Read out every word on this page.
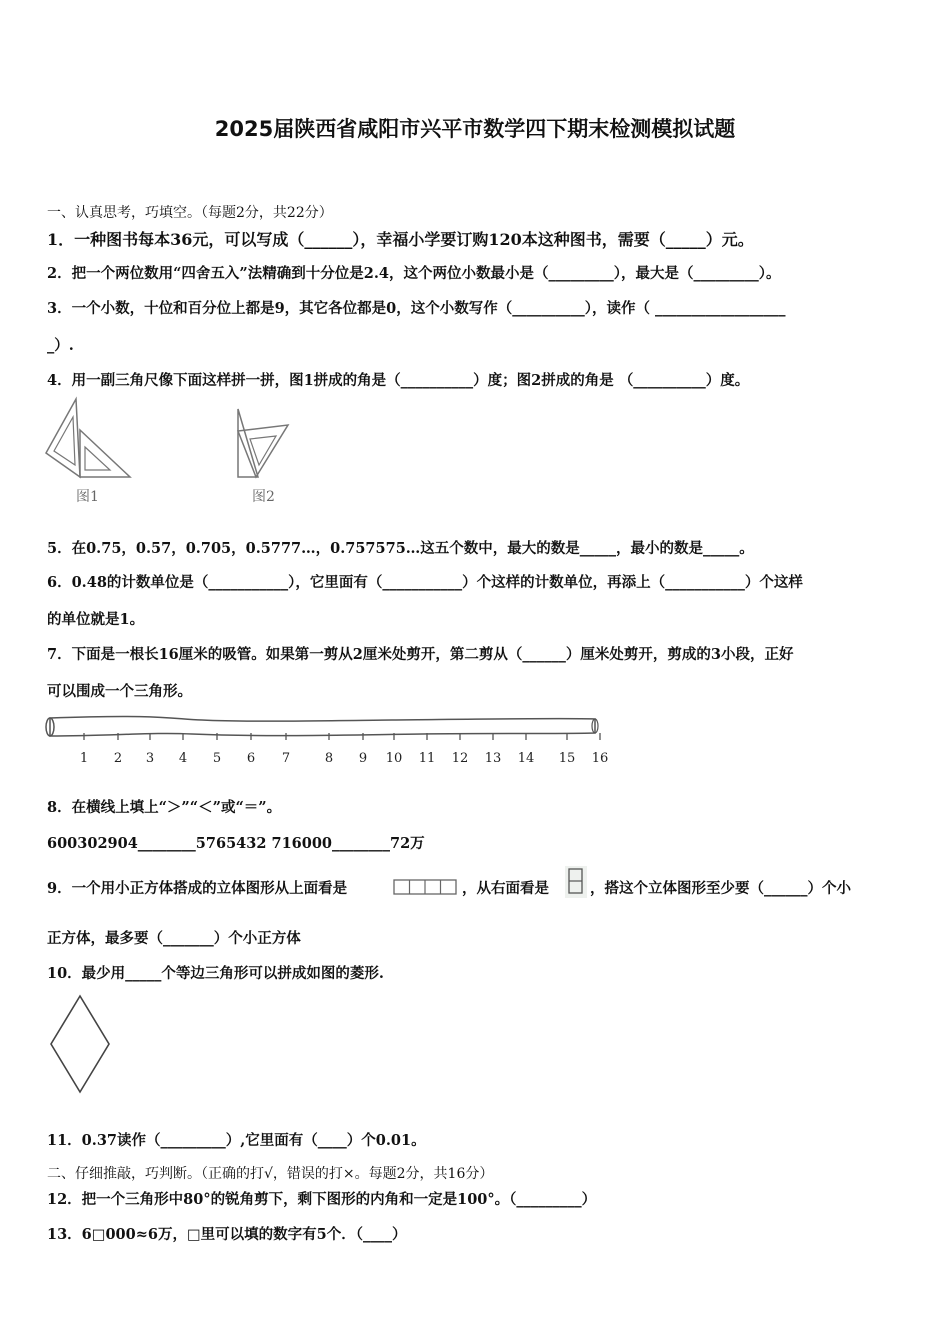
2025届陕西省咸阳市兴平市数学四下期末检测模拟试题
一、认真思考，巧填空。（每题2分，共22分）
1．一种图书每本36元，可以写成（______），幸福小学要订购120本这种图书，需要（_____）元。
2．把一个两位数用“四舍五入”法精确到十分位是2.4，这个两位小数最小是（_________），最大是（_________）。
3．一个小数，十位和百分位上都是9，其它各位都是0，这个小数写作（__________），读作（ __________________
_）.
4．用一副三角尺像下面这样拼一拼，图1拼成的角是（__________）度；图2拼成的角是 （__________）度。
图1	图2
5．在0.75，0.57，0.705，0.5777…，0.757575…这五个数中，最大的数是_____，最小的数是_____。
6．0.48的计数单位是（___________），它里面有（___________）个这样的计数单位，再添上（___________）个这样
的单位就是1。
7．下面是一根长16厘米的吸管。如果第一剪从2厘米处剪开，第二剪从（______）厘米处剪开，剪成的3小段，正好
可以围成一个三角形。
1 2 3 4 5 6 7	8 9 10 11 12 13 14 15 16
8．在横线上填上“＞”“＜”或“＝”。
600302904________5765432 716000________72万
9．一个用小正方体搭成的立体图形从上面看是	，从右面看是	，搭这个立体图形至少要（______）个小
正方体，最多要（_______）个小正方体
10．最少用_____个等边三角形可以拼成如图的菱形.
11．0.37读作（_________）,它里面有（____）个0.01。
二、仔细推敲，巧判断。（正确的打√，错误的打×。每题2分，共16分）
12．把一个三角形中80°的锐角剪下，剩下图形的内角和一定是100°。（_________）
13．6□000≈6万，□里可以填的数字有5个．（____）
